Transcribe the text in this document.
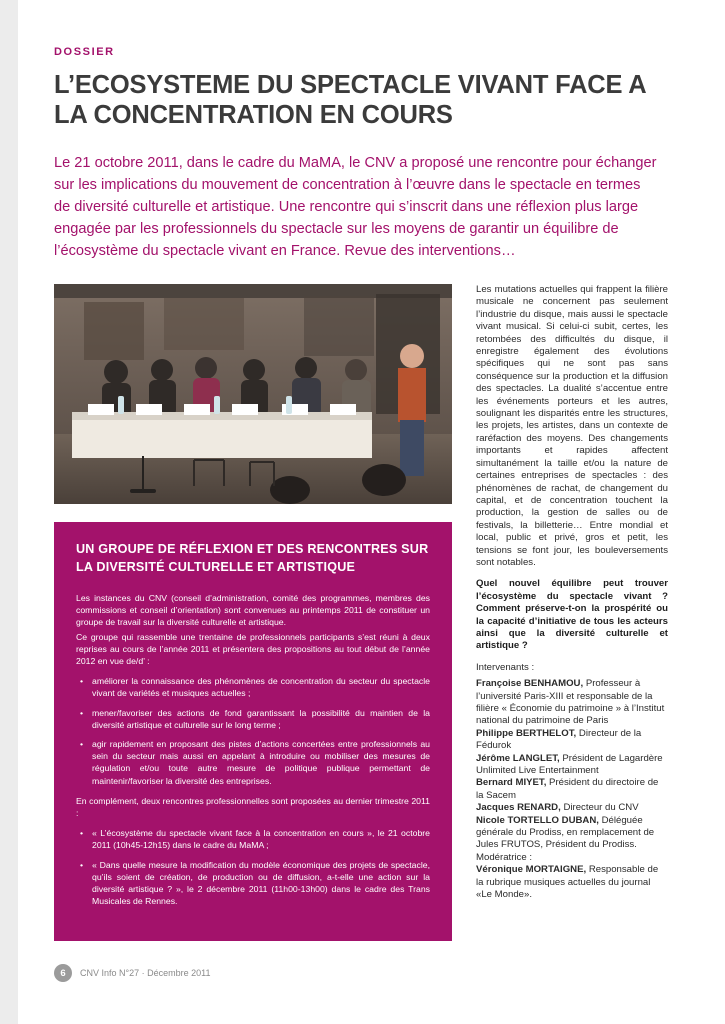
DOSSIER
L’ECOSYSTEME DU SPECTACLE VIVANT FACE A LA CONCENTRATION EN COURS
Le 21 octobre 2011, dans le cadre du MaMA, le CNV a proposé une rencontre pour échanger sur les implications du mouvement de concentration à l’œuvre dans le spectacle en termes de diversité culturelle et artistique. Une rencontre qui s’inscrit dans une réflexion plus large engagée par les professionnels du spectacle sur les moyens de garantir un équilibre de l’écosystème du spectacle vivant en France. Revue des interventions…

Les mutations actuelles qui frappent la filière musicale ne concernent pas seulement l’industrie du disque, mais aussi le spectacle vivant musical. Si celui-ci subit, certes, les retombées des difficultés du disque, il enregistre également des évolutions spécifiques qui ne sont pas sans conséquence sur la production et la diffusion des spectacles. La dualité s’accentue entre les événements porteurs et les autres, soulignant les disparités entre les structures, les projets, les artistes, dans un contexte de raréfaction des moyens. Des changements importants et rapides affectent simultanément la taille et/ou la nature de certaines entreprises de spectacles : des phénomènes de rachat, de changement du capital, et de concentration touchent la production, la gestion de salles ou de festivals, la billetterie… Entre mondial et local, public et privé, gros et petit, les tensions se font jour, les bouleversements sont notables.

Quel nouvel équilibre peut trouver l’écosystème du spectacle vivant ? Comment préserve-t-on la prospérité ou la capacité d’initiative de tous les acteurs ainsi que la diversité culturelle et artistique ?

Intervenants :

Françoise BENHAMOU, Professeur à l’université Paris-XIII et responsable de la filière « Économie du patrimoine » à l’Institut national du patrimoine de Paris
Philippe BERTHELOT, Directeur de la Fédurok
Jérôme LANGLET, Président de Lagardère Unlimited Live Entertainment
Bernard MIYET, Président du directoire de la Sacem
Jacques RENARD, Directeur du CNV
Nicole TORTELLO DUBAN, Déléguée générale du Prodiss, en remplacement de Jules FRUTOS, Président du Prodiss.
Modératrice :
Véronique MORTAIGNE, Responsable de la rubrique musiques actuelles du journal «Le Monde».
UN GROUPE DE RÉFLEXION ET DES RENCONTRES SUR LA DIVERSITÉ CULTURELLE ET ARTISTIQUE

Les instances du CNV (conseil d’administration, comité des programmes, membres des commissions et conseil d’orientation) sont convenues au printemps 2011 de constituer un groupe de travail sur la diversité culturelle et artistique.

Ce groupe qui rassemble une trentaine de professionnels participants s’est réuni à deux reprises au cours de l’année 2011 et présentera des propositions au tout début de l’année 2012 en vue de/d’ :

• améliorer la connaissance des phénomènes de concentration du secteur du spectacle vivant de variétés et musiques actuelles ;
• mener/favoriser des actions de fond garantissant la possibilité du maintien de la diversité artistique et culturelle sur le long terme ;
• agir rapidement en proposant des pistes d’actions concertées entre professionnels au sein du secteur mais aussi en appelant à introduire ou mobiliser des mesures de régulation et/ou toute autre mesure de politique publique permettant de maintenir/favoriser la diversité des entreprises.

En complément, deux rencontres professionnelles sont proposées au dernier trimestre 2011 :

• « L’écosystème du spectacle vivant face à la concentration en cours », le 21 octobre 2011 (10h45-12h15) dans le cadre du MaMA ;
• « Dans quelle mesure la modification du modèle économique des projets de spectacle, qu’ils soient de création, de production ou de diffusion, a-t-elle une action sur la diversité artistique ? », le 2 décembre 2011 (11h00-13h00) dans le cadre des Trans Musicales de Rennes.
6	CNV Info N°27 · Décembre 2011
